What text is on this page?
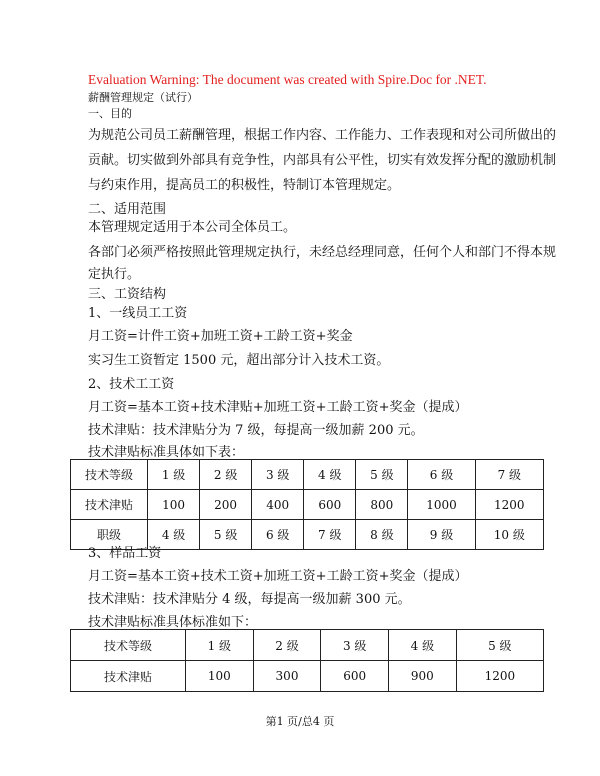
Evaluation Warning: The document was created with Spire.Doc for .NET.
薪酬管理规定（试行）
一、目的
为规范公司员工薪酬管理，根据工作内容、工作能力、工作表现和对公司所做出的
贡献。切实做到外部具有竞争性，内部具有公平性，切实有效发挥分配的激励机制
与约束作用，提高员工的积极性，特制订本管理规定。
二、适用范围
本管理规定适用于本公司全体员工。
各部门必须严格按照此管理规定执行，未经总经理同意，任何个人和部门不得本规
定执行。
三、工资结构
1、一线员工工资
月工资=计件工资+加班工资+工龄工资+奖金
实习生工资暂定 1500 元，超出部分计入技术工资。
2、技术工工资
月工资=基本工资+技术津贴+加班工资+工龄工资+奖金（提成）
技术津贴：技术津贴分为 7 级，每提高一级加薪 200 元。
技术津贴标准具体如下表：
技术等级	1 级	2 级	3 级	4 级	5 级	6 级	7 级
技术津贴	100	200	400	600	800	1000	1200
职级	4 级	5 级	6 级	7 级	8 级	9 级	10 级
3、样品工资
月工资=基本工资+技术工资+加班工资+工龄工资+奖金（提成）
技术津贴：技术津贴分 4 级，每提高一级加薪 300 元。
技术津贴标准具体标准如下：
技术等级	1 级	2 级	3 级	4 级	5 级
技术津贴	100	300	600	900	1200
第1 页/总4 页
